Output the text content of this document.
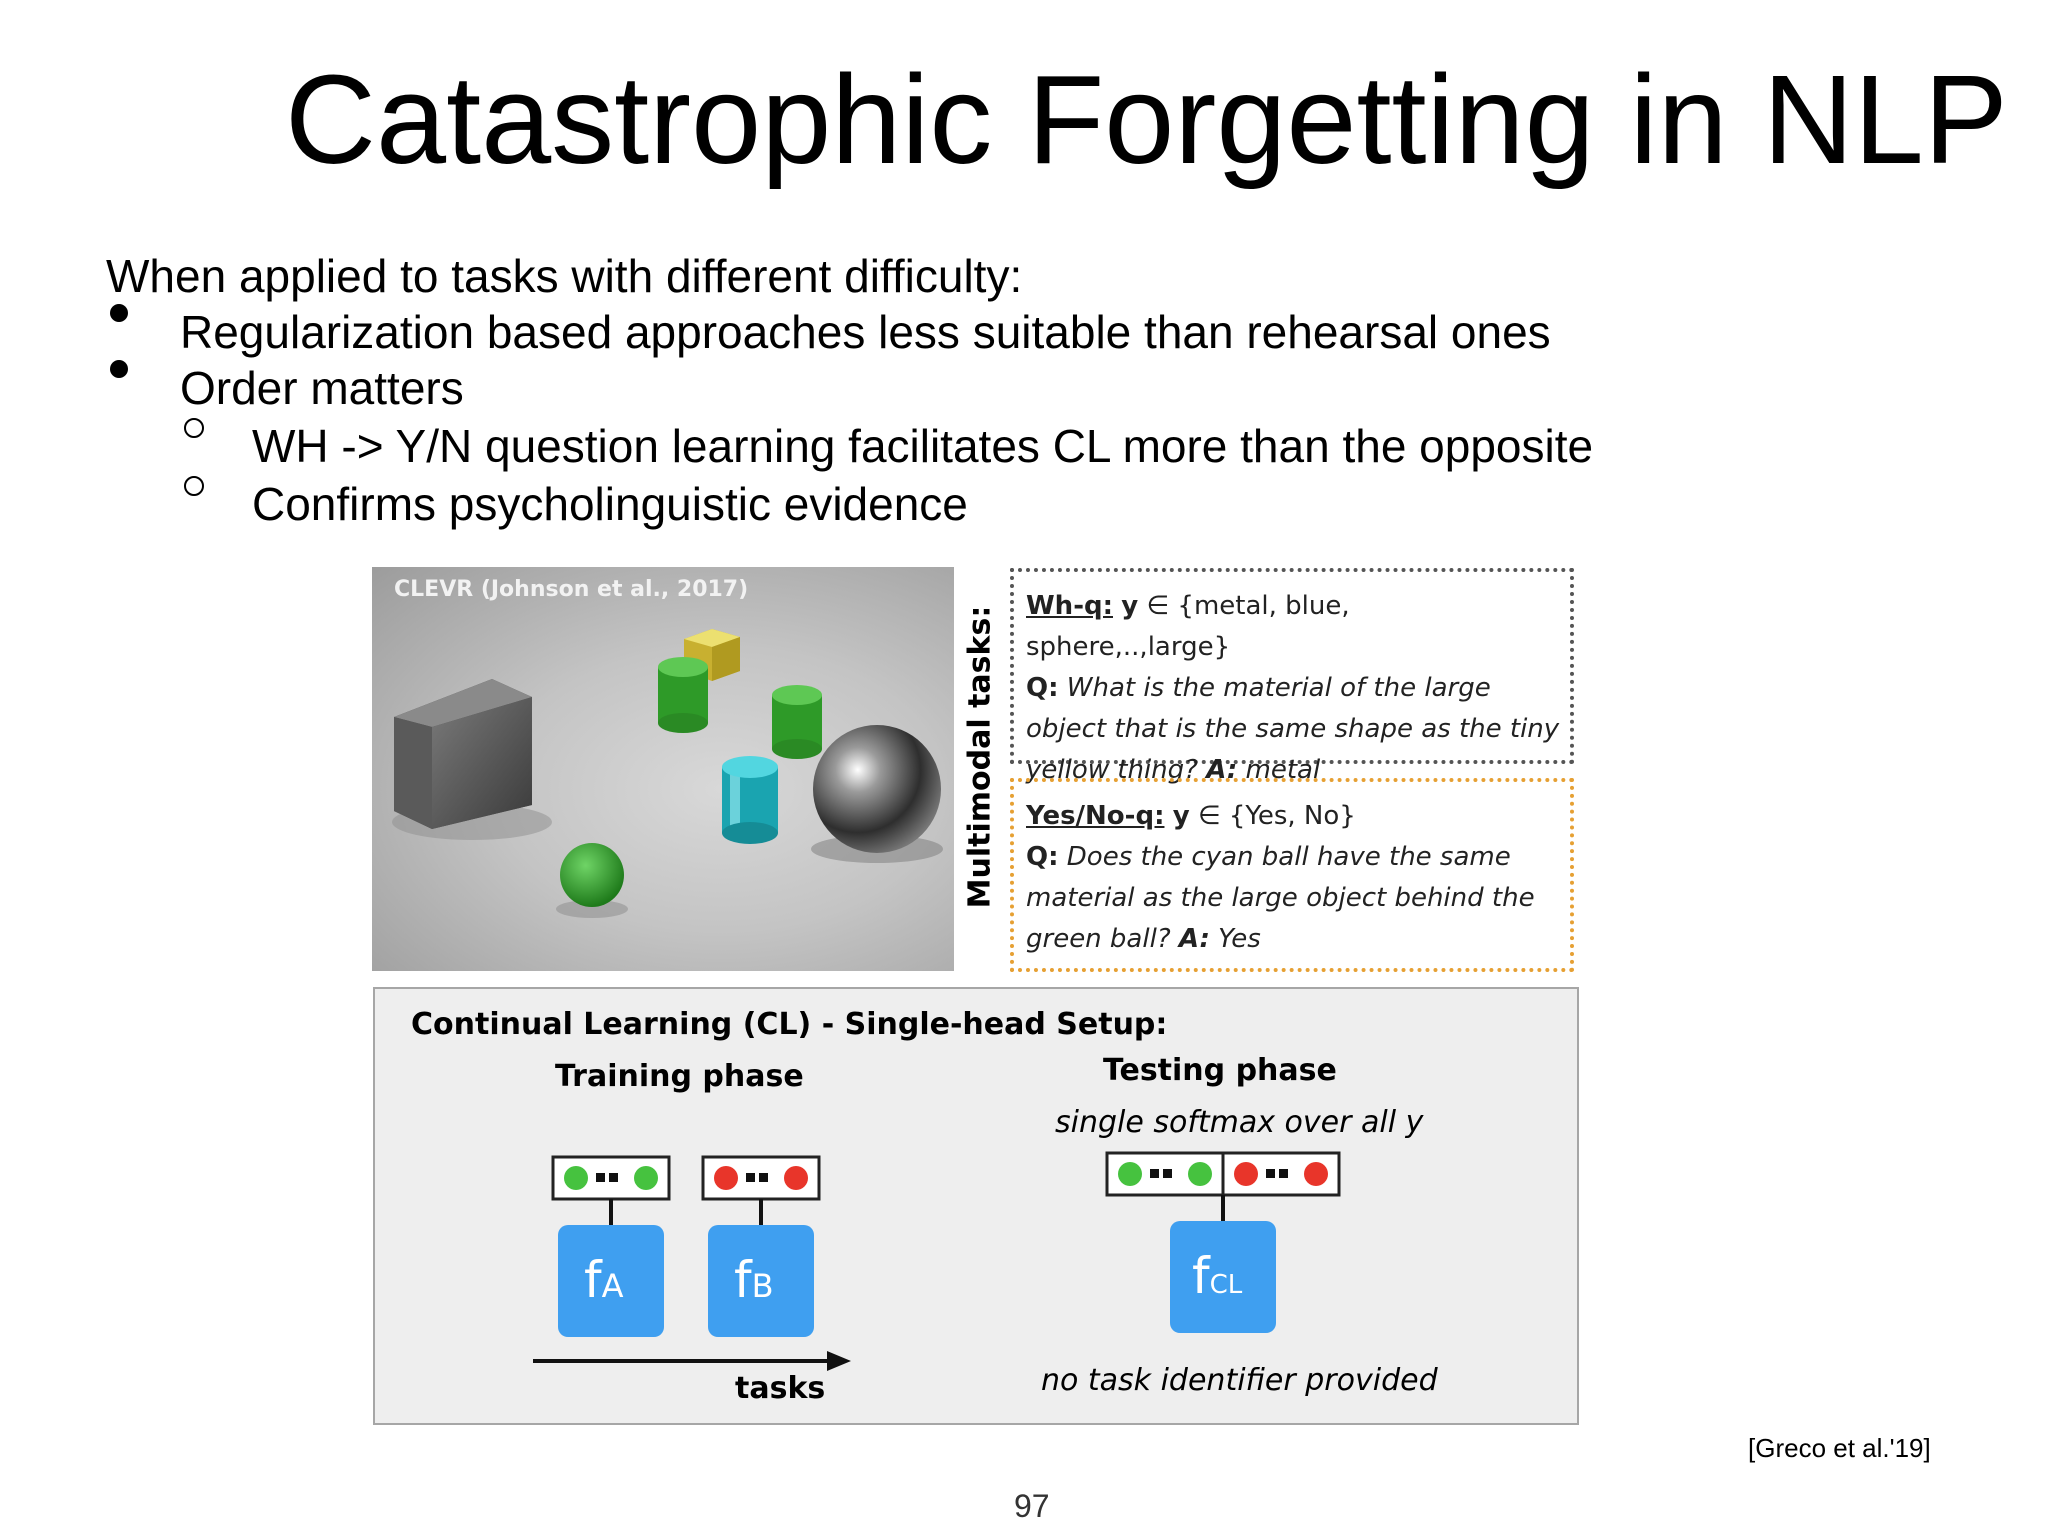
Catastrophic Forgetting in NLP
When applied to tasks with different difficulty:
Regularization based approaches less suitable than rehearsal ones
Order matters
WH -> Y/N question learning facilitates CL more than the opposite
Confirms psycholinguistic evidence
CLEVR (Johnson et al., 2017)
Multimodal tasks: Wh-q: y ∈ {metal, blue, sphere,..,large}
Q: What is the material of the large
object that is the same shape as the tiny
yellow thing? A: metal
Yes/No-q: y ∈ {Yes, No}
Q: Does the cyan ball have the same
material as the large object behind the
green ball? A: Yes
Continual Learning (CL) - Single-head Setup:
Training phase	Testing phase
single softmax over all y
fA fB	fCL
tasks	no task identifier provided
[Greco et al.'19]
97
